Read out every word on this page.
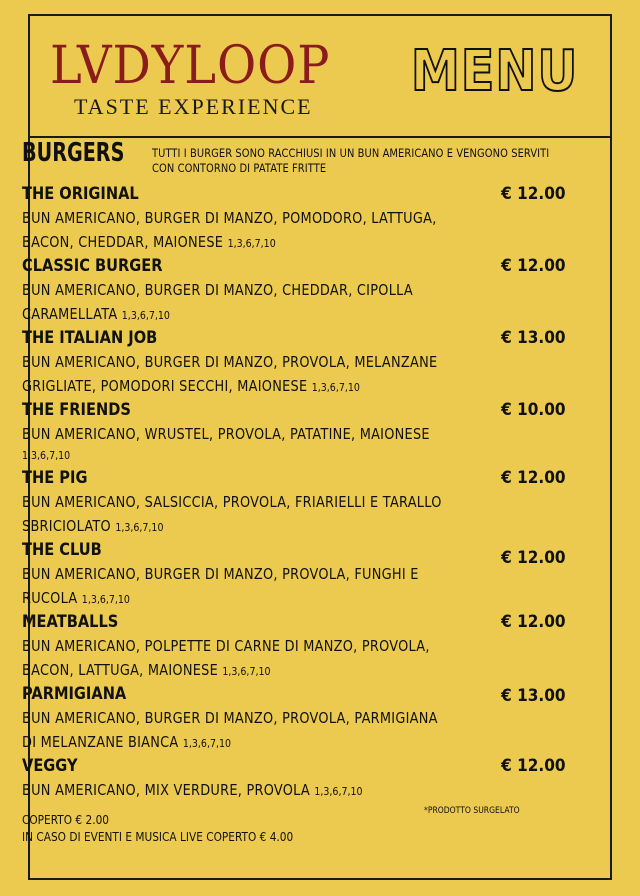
LVDYLOOP
TASTE EXPERIENCE
MENU
BURGERS TUTTI I BURGER SONO RACCHIUSI IN UN BUN AMERICANO E VENGONO SERVITI CON CONTORNO DI PATATE FRITTE
THE ORIGINAL	€ 12.00
BUN AMERICANO, BURGER DI MANZO, POMODORO, LATTUGA,
BACON, CHEDDAR, MAIONESE 1,3,6,7,10
CLASSIC BURGER	€ 12.00
BUN AMERICANO, BURGER DI MANZO, CHEDDAR, CIPOLLA
CARAMELLATA 1,3,6,7,10
THE ITALIAN JOB	€ 13.00
BUN AMERICANO, BURGER DI MANZO, PROVOLA, MELANZANE
GRIGLIATE, POMODORI SECCHI, MAIONESE 1,3,6,7,10
THE FRIENDS	€ 10.00
BUN AMERICANO, WRUSTEL, PROVOLA, PATATINE, MAIONESE
1,3,6,7,10
THE PIG	€ 12.00
BUN AMERICANO, SALSICCIA, PROVOLA, FRIARIELLI E TARALLO
SBRICIOLATO 1,3,6,7,10
THE CLUB	€ 12.00
BUN AMERICANO, BURGER DI MANZO, PROVOLA, FUNGHI E
RUCOLA 1,3,6,7,10
MEATBALLS	€ 12.00
BUN AMERICANO, POLPETTE DI CARNE DI MANZO, PROVOLA,
BACON, LATTUGA, MAIONESE 1,3,6,7,10
PARMIGIANA	€ 13.00
BUN AMERICANO, BURGER DI MANZO, PROVOLA, PARMIGIANA
DI MELANZANE BIANCA 1,3,6,7,10
VEGGY	€ 12.00
BUN AMERICANO, MIX VERDURE, PROVOLA 1,3,6,7,10
COPERTO € 2.00
IN CASO DI EVENTI E MUSICA LIVE COPERTO € 4.00
*PRODOTTO SURGELATO
